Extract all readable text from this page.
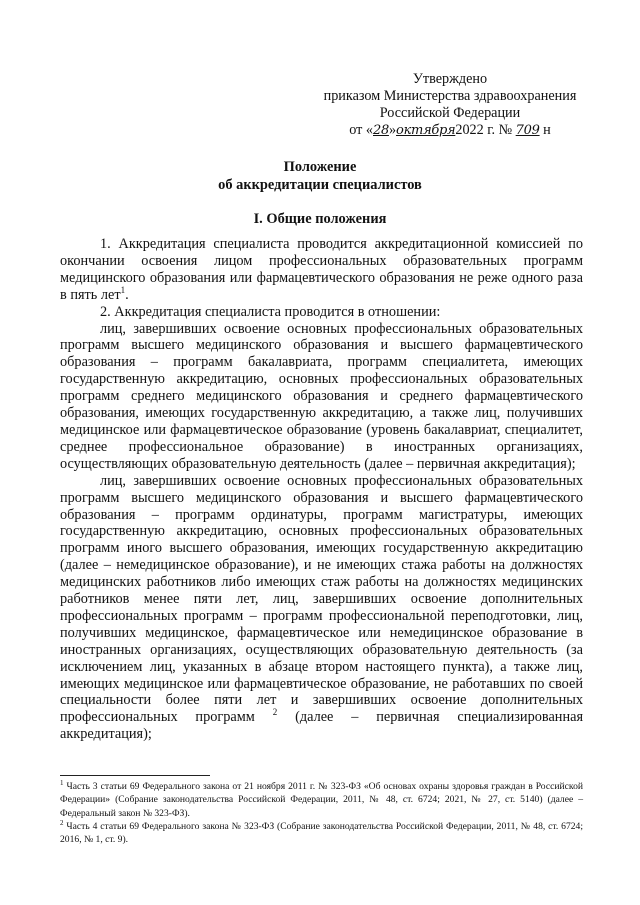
Утверждено
приказом Министерства здравоохранения
Российской Федерации
от «28»октября2022 г. № 709 н
Положение
об аккредитации специалистов
I. Общие положения

1. Аккредитация специалиста проводится аккредитационной комиссией по окончании освоения лицом профессиональных образовательных программ медицинского образования или фармацевтического образования не реже одного раза в пять лет$^1$.

2. Аккредитация специалиста проводится в отношении:

лиц, завершивших освоение основных профессиональных образовательных программ высшего медицинского образования и высшего фармацевтического образования – программ бакалавриата, программ специалитета, имеющих государственную аккредитацию, основных профессиональных образовательных программ среднего медицинского образования и среднего фармацевтического образования, имеющих государственную аккредитацию, а также лиц, получивших медицинское или фармацевтическое образование (уровень бакалавриат, специалитет, среднее профессиональное образование) в иностранных организациях, осуществляющих образовательную деятельность (далее – первичная аккредитация);

лиц, завершивших освоение основных профессиональных образовательных программ высшего медицинского образования и высшего фармацевтического образования – программ ординатуры, программ магистратуры, имеющих государственную аккредитацию, основных профессиональных образовательных программ иного высшего образования, имеющих государственную аккредитацию (далее – немедицинское образование), и не имеющих стажа работы на должностях медицинских работников либо имеющих стаж работы на должностях медицинских работников менее пяти лет, лиц, завершивших освоение дополнительных профессиональных программ – программ профессиональной переподготовки, лиц, получивших медицинское, фармацевтическое или немедицинское образование в иностранных организациях, осуществляющих образовательную деятельность (за исключением лиц, указанных в абзаце втором настоящего пункта), а также лиц, имеющих медицинское или фармацевтическое образование, не работавших по своей специальности более пяти лет и завершивших освоение дополнительных профессиональных программ $^2$ (далее – первичная специализированная аккредитация);

$^1$ Часть 3 статьи 69 Федерального закона от 21 ноября 2011 г. № 323-ФЗ «Об основах охраны здоровья граждан в Российской Федерации» (Собрание законодательства Российской Федерации, 2011, № 48, ст. 6724; 2021, № 27, ст. 5140) (далее – Федеральный закон № 323-ФЗ).
$^2$ Часть 4 статьи 69 Федерального закона № 323-ФЗ (Собрание законодательства Российской Федерации, 2011, № 48, ст. 6724; 2016, № 1, ст. 9).
